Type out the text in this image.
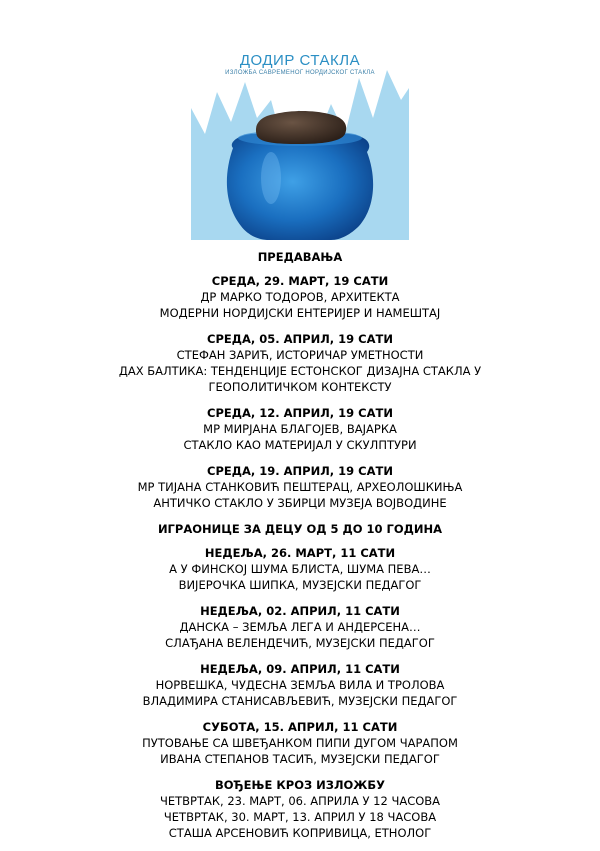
ДОДИР СТАКЛА
ИЗЛОЖБА САВРЕМЕНОГ НОРДИЈСКОГ СТАКЛА

ПРЕДАВАЊА

СРЕДА, 29. МАРТ, 19 САТИ

ДР МАРКО ТОДОРОВ, АРХИТЕКТА

МОДЕРНИ НОРДИЈСКИ ЕНТЕРИЈЕР И НАМЕШТАЈ

СРЕДА, 05. АПРИЛ, 19 САТИ

СТЕФАН ЗАРИЋ, ИСТОРИЧАР УМЕТНОСТИ

ДАХ БАЛТИКА: ТЕНДЕНЦИЈЕ ЕСТОНСКОГ ДИЗАЈНА СТАКЛА У

ГЕОПОЛИТИЧКОМ КОНТЕКСТУ

СРЕДА, 12. АПРИЛ, 19 САТИ

МР МИРЈАНА БЛАГОЈЕВ, ВАЈАРКА

СТАКЛО КАО МАТЕРИЈАЛ У СКУЛПТУРИ

СРЕДА, 19. АПРИЛ, 19 САТИ

МР ТИЈАНА СТАНКОВИЋ ПЕШТЕРАЦ, АРХЕОЛОШКИЊА

АНТИЧКО СТАКЛО У ЗБИРЦИ МУЗЕЈА ВОЈВОДИНЕ

ИГРАОНИЦЕ ЗА ДЕЦУ ОД 5 ДО 10 ГОДИНА

НЕДЕЉА, 26. МАРТ, 11 САТИ

А У ФИНСКОЈ ШУМА БЛИСТА, ШУМА ПЕВА…

ВИЈЕРОЧКА ШИПКА, МУЗЕЈСКИ ПЕДАГОГ

НЕДЕЉА, 02. АПРИЛ, 11 САТИ

ДАНСКА – ЗЕМЉА ЛЕГА И АНДЕРСЕНА…

СЛАЂАНА ВЕЛЕНДЕЧИЋ, МУЗЕЈСКИ ПЕДАГОГ

НЕДЕЉА, 09. АПРИЛ, 11 САТИ

НОРВЕШКА, ЧУДЕСНА ЗЕМЉА ВИЛА И ТРОЛОВА

ВЛАДИМИРА СТАНИСАВЉЕВИЋ, МУЗЕЈСКИ ПЕДАГОГ

СУБОТА, 15. АПРИЛ, 11 САТИ

ПУТОВАЊЕ СА ШВЕЂАНКОМ ПИПИ ДУГОМ ЧАРАПОМ

ИВАНА СТЕПАНОВ ТАСИЋ, МУЗЕЈСКИ ПЕДАГОГ

ВОЂЕЊЕ КРОЗ ИЗЛОЖБУ

ЧЕТВРТАК, 23. МАРТ, 06. АПРИЛА У 12 ЧАСОВА

ЧЕТВРТАК, 30. МАРТ, 13. АПРИЛ У 18 ЧАСОВА

СТАША АРСЕНОВИЋ КОПРИВИЦА, ЕТНОЛОГ
